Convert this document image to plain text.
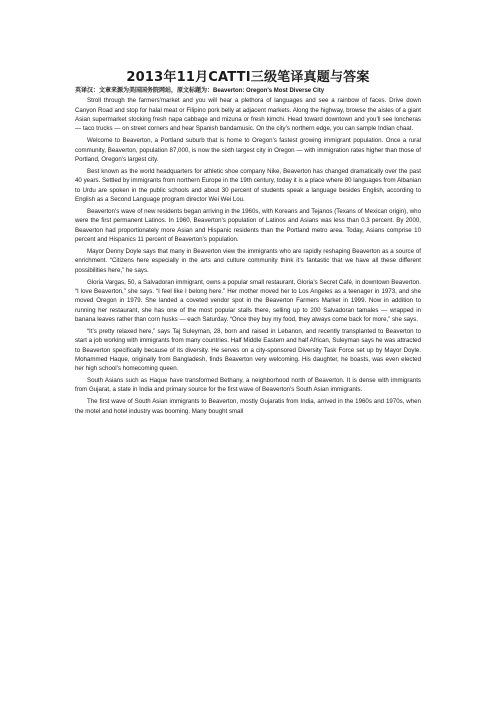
2013年11月CATTI三级笔译真题与答案
英译汉：文章来源为美国国务院网站，原文标题为：Beaverton: Oregon's Most Diverse City

Stroll through the farmers'market and you will hear a plethora of languages and see a rainbow of faces. Drive down Canyon Road and stop for halal meat or Filipino pork belly at adjacent markets. Along the highway, browse the aisles of a giant Asian supermarket stocking fresh napa cabbage and mizuna or fresh kimchi. Head toward downtown and you’ll see loncheras — taco trucks — on street corners and hear Spanish bandamusic. On the city’s northern edge, you can sample Indian chaat.

Welcome to Beaverton, a Portland suburb that is home to Oregon’s fastest growing immigrant population. Once a rural community, Beaverton, population 87,000, is now the sixth largest city in Oregon — with immigration rates higher than those of Portland, Oregon’s largest city.

Best known as the world headquarters for athletic shoe company Nike, Beaverton has changed dramatically over the past 40 years. Settled by immigrants from northern Europe in the 19th century, today it is a place where 80 languages from Albanian to Urdu are spoken in the public schools and about 30 percent of students speak a language besides English, according to English as a Second Language program director Wei Wei Lou.

Beaverton’s wave of new residents began arriving in the 1960s, with Koreans and Tejanos (Texans of Mexican origin), who were the first permanent Latinos. In 1960, Beaverton’s population of Latinos and Asians was less than 0.3 percent. By 2000, Beaverton had proportionately more Asian and Hispanic residents than the Portland metro area. Today, Asians comprise 10 percent and Hispanics 11 percent of Beaverton’s population.

Mayor Denny Doyle says that many in Beaverton view the immigrants who are rapidly reshaping Beaverton as a source of enrichment. “Citizens here especially in the arts and culture community think it’s fantastic that we have all these different possibilities here,” he says.

Gloria Vargas, 50, a Salvadoran immigrant, owns a popular small restaurant, Gloria’s Secret Café, in downtown Beaverton. “I love Beaverton,” she says. “I feel like I belong here.” Her mother moved her to Los Angeles as a teenager in 1973, and she moved Oregon in 1979. She landed a coveted vendor spot in the Beaverton Farmers Market in 1999. Now in addition to running her restaurant, she has one of the most popular stalls there, selling up to 200 Salvadoran tamales — wrapped in banana leaves rather than corn husks — each Saturday. “Once they buy my food, they always come back for more,” she says.

“It’s pretty relaxed here,” says Taj Suleyman, 28, born and raised in Lebanon, and recently transplanted to Beaverton to start a job working with immigrants from many countries. Half Middle Eastern and half African, Suleyman says he was attracted to Beaverton specifically because of its diversity. He serves on a city-sponsored Diversity Task Force set up by Mayor Doyle. Mohammed Haque, originally from Bangladesh, finds Beaverton very welcoming. His daughter, he boasts, was even elected her high school’s homecoming queen.

South Asians such as Haque have transformed Bethany, a neighborhood north of Beaverton. It is dense with immigrants from Gujarat, a state in India and primary source for the first wave of Beaverton’s South Asian immigrants.

The first wave of South Asian immigrants to Beaverton, mostly Gujaratis from India, arrived in the 1960s and 1970s, when the motel and hotel industry was booming. Many bought small
